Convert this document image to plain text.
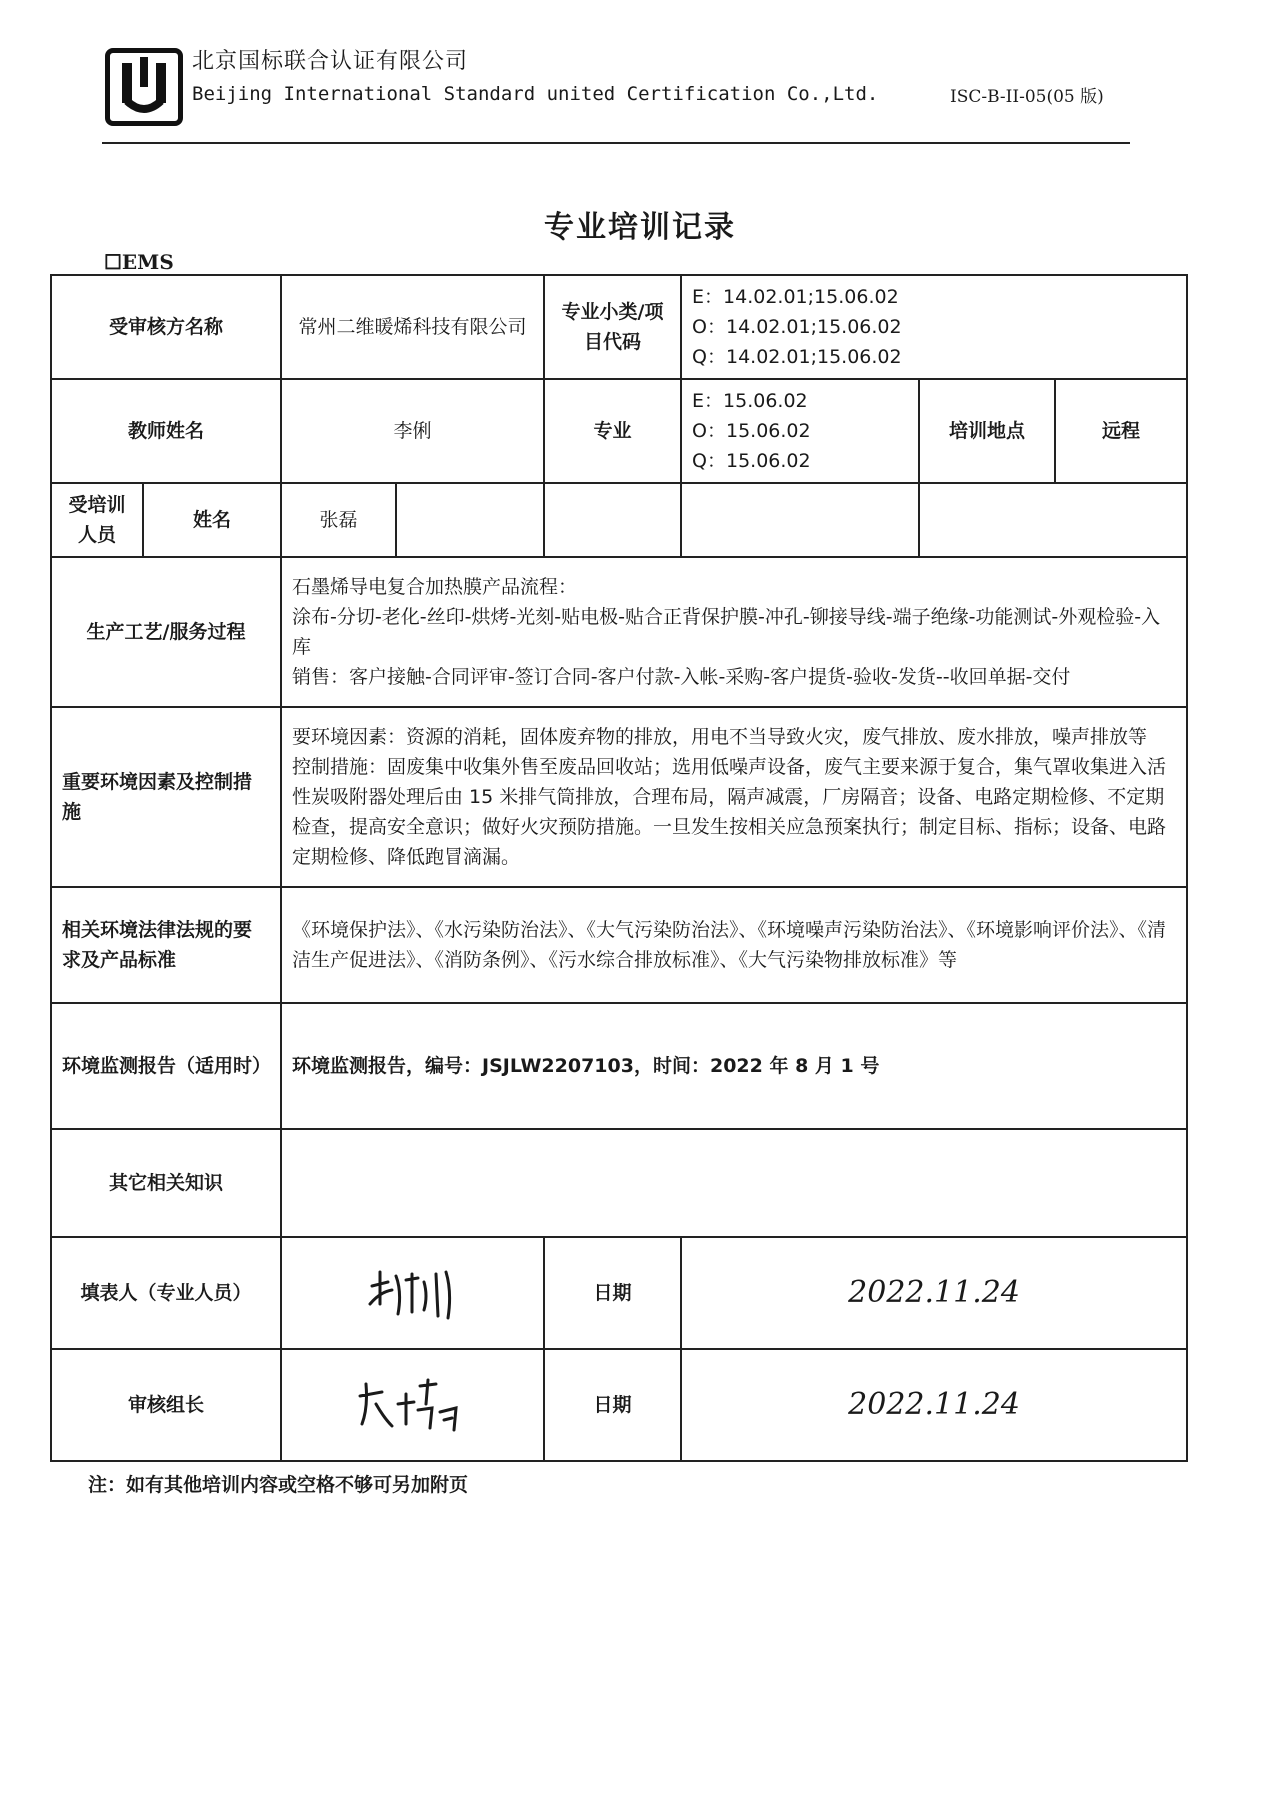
北京国标联合认证有限公司
Beijing International Standard united Certification Co.,Ltd.	ISC-B-II-05(05 版)
专业培训记录
☐EMS
受审核方名称		常州二维暖烯科技有限公司		专业小类/项目代码	E：14.02.01;15.06.02
O：14.02.01;15.06.02
Q：14.02.01;15.06.02		

教师姓名		李俐		专业	E：15.06.02
O：15.06.02
Q：15.06.02	培训地点	远程
受培训人员	姓名	张磊					
生产工艺/服务过程		石墨烯导电复合加热膜产品流程：

涂布-分切-老化-丝印-烘烤-光刻-贴电极-贴合正背保护膜-冲孔-铆接导线-端子绝缘-功能测试-外观检验-入库

销售：客户接触-合同评审-签订合同-客户付款-入帐-采购-客户提货-验收-发货--收回单据-交付					

重要环境因素及控制措施		要环境因素：资源的消耗，固体废弃物的排放，用电不当导致火灾，废气排放、废水排放，噪声排放等

控制措施：固废集中收集外售至废品回收站；选用低噪声设备，废气主要来源于复合，集气罩收集进入活性炭吸附器处理后由 15 米排气筒排放，合理布局，隔声减震，厂房隔音；设备、电路定期检修、不定期检查，提高安全意识；做好火灾预防措施。一旦发生按相关应急预案执行；制定目标、指标；设备、电路定期检修、降低跑冒滴漏。					

相关环境法律法规的要求及产品标准		《环境保护法》、《水污染防治法》、《大气污染防治法》、《环境噪声污染防治法》、《环境影响评价法》、《清洁生产促进法》、《消防条例》、《污水综合排放标准》、《大气污染物排放标准》等					
环境监测报告（适用时）		环境监测报告，编号：JSJLW2207103，时间：2022 年 8 月 1 号					
其它相关知识							
填表人（专业人员）				日期	2022.11.24		
审核组长				日期	2022.11.24		
注：如有其他培训内容或空格不够可另加附页
